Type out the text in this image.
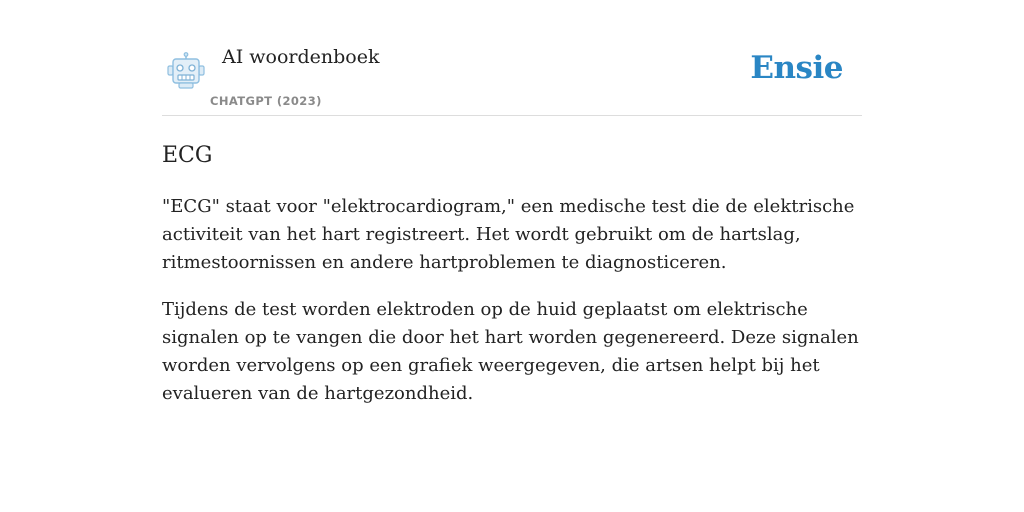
AI woordenboek
CHATGPT (2023)
Ensie
ECG

"ECG" staat voor "elektrocardiogram," een medische test die de elektrische activiteit van het hart registreert. Het wordt gebruikt om de hartslag, ritmestoornissen en andere hartproblemen te diagnosticeren.

Tijdens de test worden elektroden op de huid geplaatst om elektrische signalen op te vangen die door het hart worden gegenereerd. Deze signalen worden vervolgens op een grafiek weergegeven, die artsen helpt bij het evalueren van de hartgezondheid.
